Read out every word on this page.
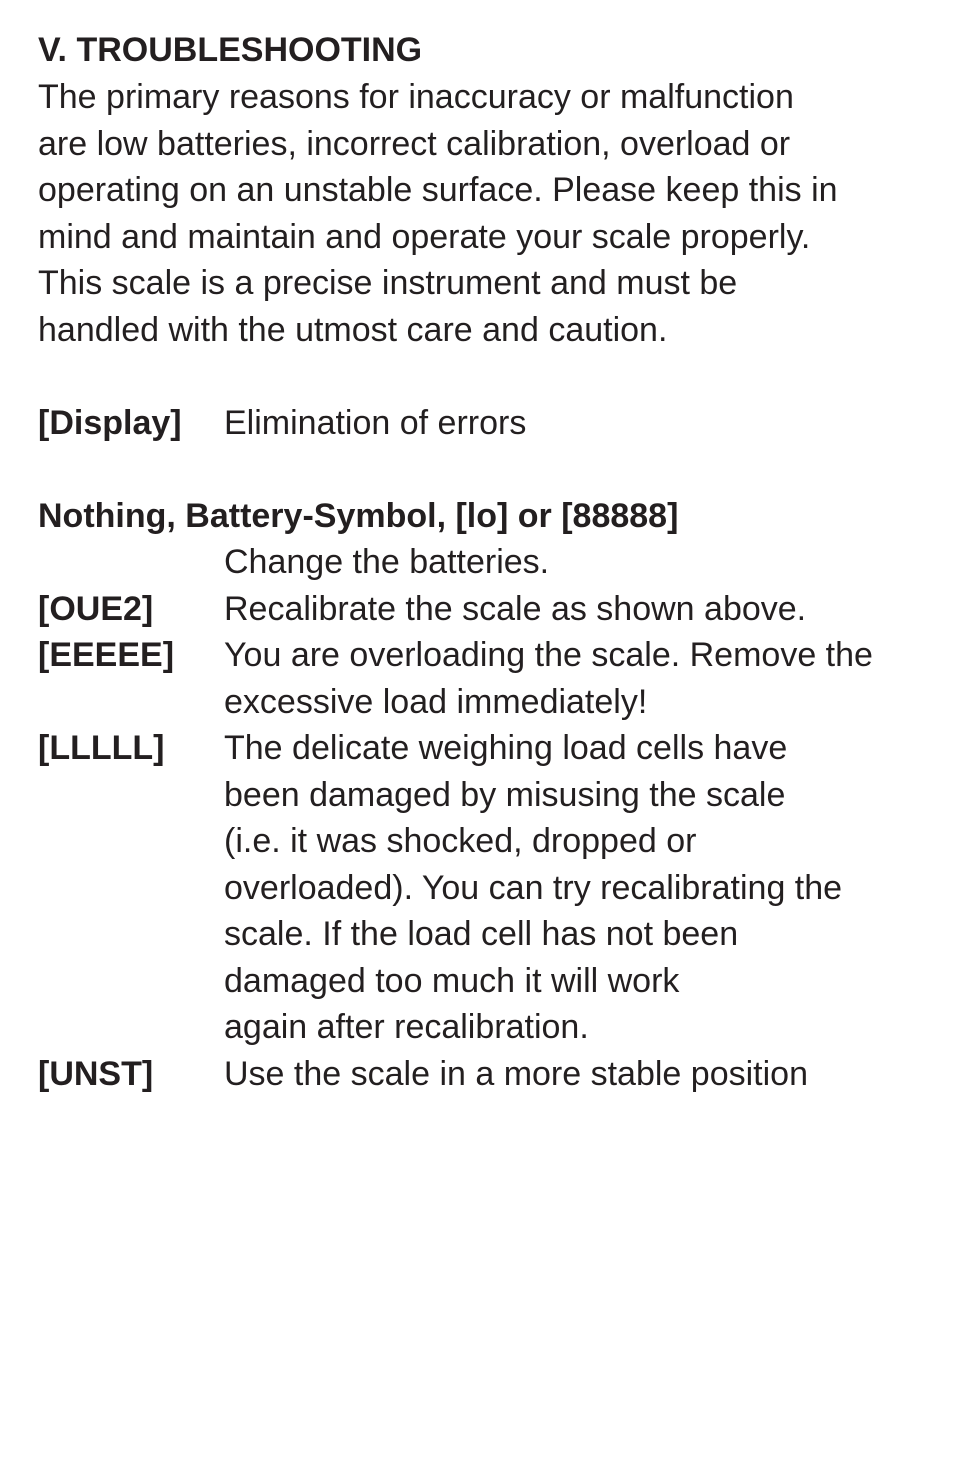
V. TROUBLESHOOTING

The primary reasons for inaccuracy or malfunction
are low batteries, incorrect calibration, overload or
operating on an unstable surface. Please keep this in
mind and maintain and operate your scale properly.
This scale is a precise instrument and must be
handled with the utmost care and caution.

[Display]	Elimination of errors
Nothing, Battery-Symbol, [lo] or [88888]
Change the batteries.
[OUE2]	Recalibrate the scale as shown above.
[EEEEE]	You are overloading the scale. Remove the
excessive load immediately!
[LLLLL]	The delicate weighing load cells have
been damaged by misusing the scale
(i.e. it was shocked, dropped or
overloaded). You can try recalibrating the
scale. If the load cell has not been
damaged too much it will work
again after recalibration.
[UNST]	Use the scale in a more stable position
